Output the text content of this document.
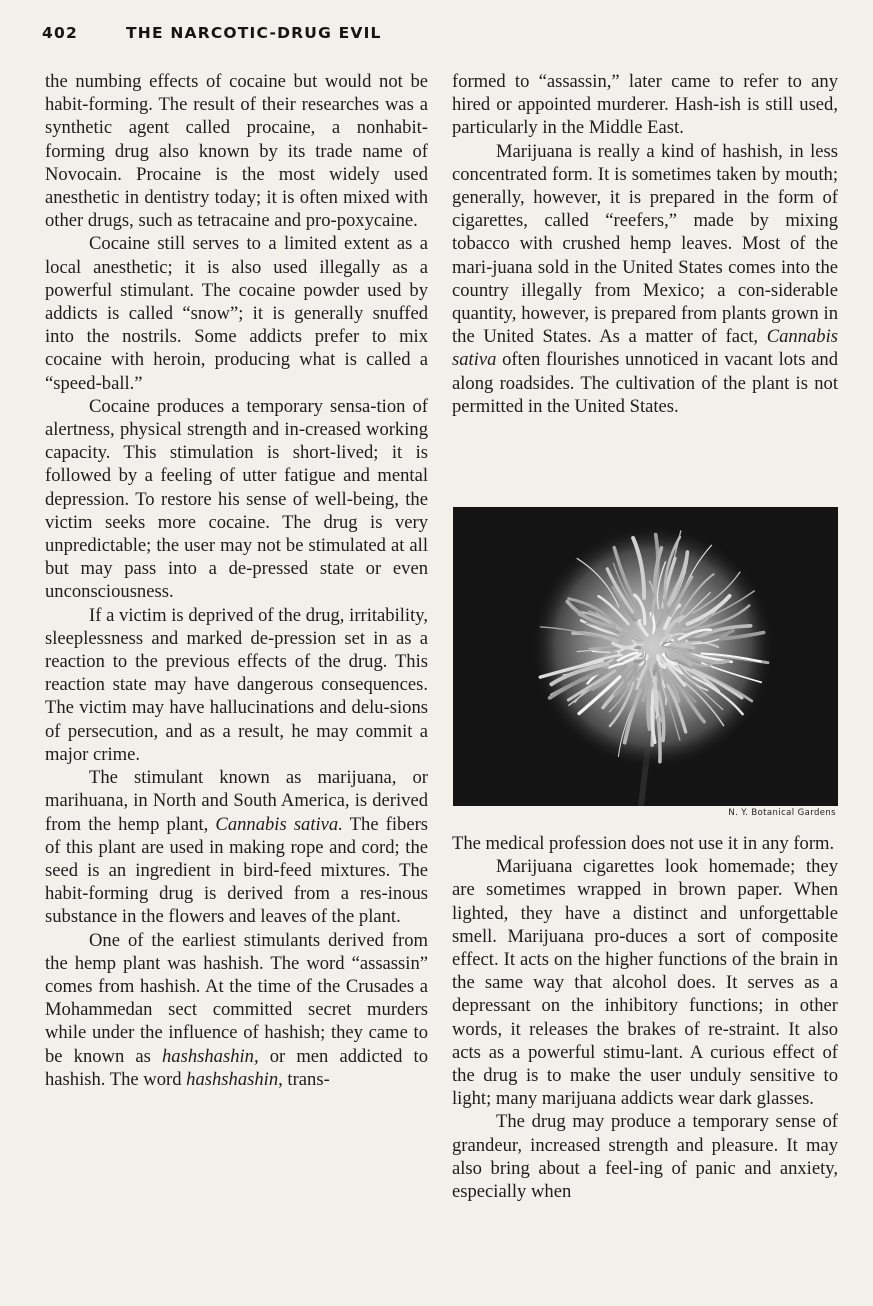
402	THE NARCOTIC-DRUG EVIL

the numbing effects of cocaine but would not be habit-forming. The result of their researches was a synthetic agent called procaine, a nonhabit-forming drug also known by its trade name of Novocain. Procaine is the most widely used anesthetic in dentistry today; it is often mixed with other drugs, such as tetracaine and pro-poxycaine.

Cocaine still serves to a limited extent as a local anesthetic; it is also used illegally as a powerful stimulant. The cocaine powder used by addicts is called “snow”; it is generally snuffed into the nostrils. Some addicts prefer to mix cocaine with heroin, producing what is called a “speed-ball.”

Cocaine produces a temporary sensa-tion of alertness, physical strength and in-creased working capacity. This stimulation is short-lived; it is followed by a feeling of utter fatigue and mental depression. To restore his sense of well-being, the victim seeks more cocaine. The drug is very unpredictable; the user may not be stimulated at all but may pass into a de-pressed state or even unconsciousness.

If a victim is deprived of the drug, irritability, sleeplessness and marked de-pression set in as a reaction to the previous effects of the drug. This reaction state may have dangerous consequences. The victim may have hallucinations and delu-sions of persecution, and as a result, he may commit a major crime.

The stimulant known as marijuana, or marihuana, in North and South America, is derived from the hemp plant, Cannabis sativa. The fibers of this plant are used in making rope and cord; the seed is an ingredient in bird-feed mixtures. The habit-forming drug is derived from a res-inous substance in the flowers and leaves of the plant.

One of the earliest stimulants derived from the hemp plant was hashish. The word “assassin” comes from hashish. At the time of the Crusades a Mohammedan sect committed secret murders while under the influence of hashish; they came to be known as hashshashin, or men addicted to hashish. The word hashshashin, trans-

formed to “assassin,” later came to refer to any hired or appointed murderer. Hash-ish is still used, particularly in the Middle East.

Marijuana is really a kind of hashish, in less concentrated form. It is sometimes taken by mouth; generally, however, it is prepared in the form of cigarettes, called “reefers,” made by mixing tobacco with crushed hemp leaves. Most of the mari-juana sold in the United States comes into the country illegally from Mexico; a con-siderable quantity, however, is prepared from plants grown in the United States. As a matter of fact, Cannabis sativa often flourishes unnoticed in vacant lots and along roadsides. The cultivation of the plant is not permitted in the United States.

N. Y. Botanical Gardens

The medical profession does not use it in any form.

Marijuana cigarettes look homemade; they are sometimes wrapped in brown paper. When lighted, they have a distinct and unforgettable smell. Marijuana pro-duces a sort of composite effect. It acts on the higher functions of the brain in the same way that alcohol does. It serves as a depressant on the inhibitory functions; in other words, it releases the brakes of re-straint. It also acts as a powerful stimu-lant. A curious effect of the drug is to make the user unduly sensitive to light; many marijuana addicts wear dark glasses.

The drug may produce a temporary sense of grandeur, increased strength and pleasure. It may also bring about a feel-ing of panic and anxiety, especially when
